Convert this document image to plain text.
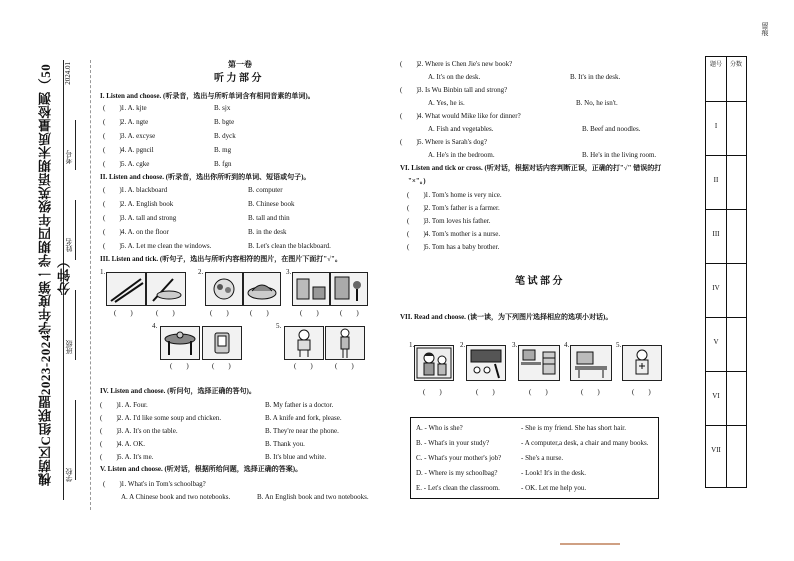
槐荫区C组联盟2023-2024学年度第一学期四年级英语期末质量检测（50分钟）
2024.01
考号
姓名
班级
学校
第一卷
听 力 部 分
I. Listen and choose. (听录音，选出与所听单词含有相同音素的单词)。
(　　) 1. A. kjte	B. sjx
(　　) 2. A. ngte	B. bgte
(　　) 3. A. excyse	B. dyck
(　　) 4. A. pgncil	B. mg
(　　) 5. A. cgke	B. fgn
II. Listen and choose. (听录音，选出你所听到的单词、短语或句子)。
(　　) 1. A. blackboard	B. computer
(　　) 2. A. English book	B. Chinese book
(　　) 3. A. tall and strong	B. tall and thin
(　　) 4. A. on the floor	B. in the desk
(　　) 5. A. Let me clean the windows.	B. Let's clean the blackboard.
III. Listen and tick. (听句子，选出与所听内容相符的图片，在图片下面打"√"。
1.
(　　)	(　　)
2.
(　　)	(　　)
3.
(　　)	(　　)
4.
(　　)	(　　)
5.
(　　)	(　　)
IV. Listen and choose. (听问句，选择正确的答句)。
(　　) 1. A. Four.	B. My father is a doctor.
(　　) 2. A. I'd like some soup and chicken.	B. A knife and fork, please.
(　　) 3. A. It's on the table.	B. They're near the phone.
(　　) 4. A. OK.	B. Thank you.
(　　) 5. A. It's me.	B. It's blue and white.
V. Listen and choose. (听对话，根据所给问题，选择正确的答案)。
(　　) 1. What's in Tom's schoolbag?
A. A Chinese book and two notebooks.	B. An English book and two notebooks.
(　　) 2. Where is Chen Jie's new book?
A. It's on the desk.	B. It's in the desk.
(　　) 3. Is Wu Binbin tall and strong?
A. Yes, he is.	B. No, he isn't.
(　　) 4. What would Mike like for dinner?
A. Fish and vegetables.	B. Beef and noodles.
(　　) 5. Where is Sarah's dog?
A. He's in the bedroom.	B. He's in the living room.
VI. Listen and tick or cross. (听对话，根据对话内容判断正误，正确的打"√" 错误的打
"×"。)
(　　) 1. Tom's home is very nice.
(　　) 2. Tom's father is a farmer.
(　　) 3. Tom loves his father.
(　　) 4. Tom's mother is a nurse.
(　　) 5. Tom has a baby brother.
笔 试 部 分
VII. Read and choose. (读一读，为下列图片选择相应的选项小对话)。
1.	2.	3.	4.	5.
(　　)	(　　)	(　　)	(　　)	(　　)
A. - Who is she?	- She is my friend. She has short hair.
B. - What's in your study?	- A computer,a desk, a chair and many books.
C. - What's your mother's job?	- She's a nurse.
D. - Where is my schoolbag?	- Look! It's in the desk.
E. - Let's clean the classroom.	- OK. Let me help you.
题号	分数
I
II
III
IV
V
VI
VII
留痕
